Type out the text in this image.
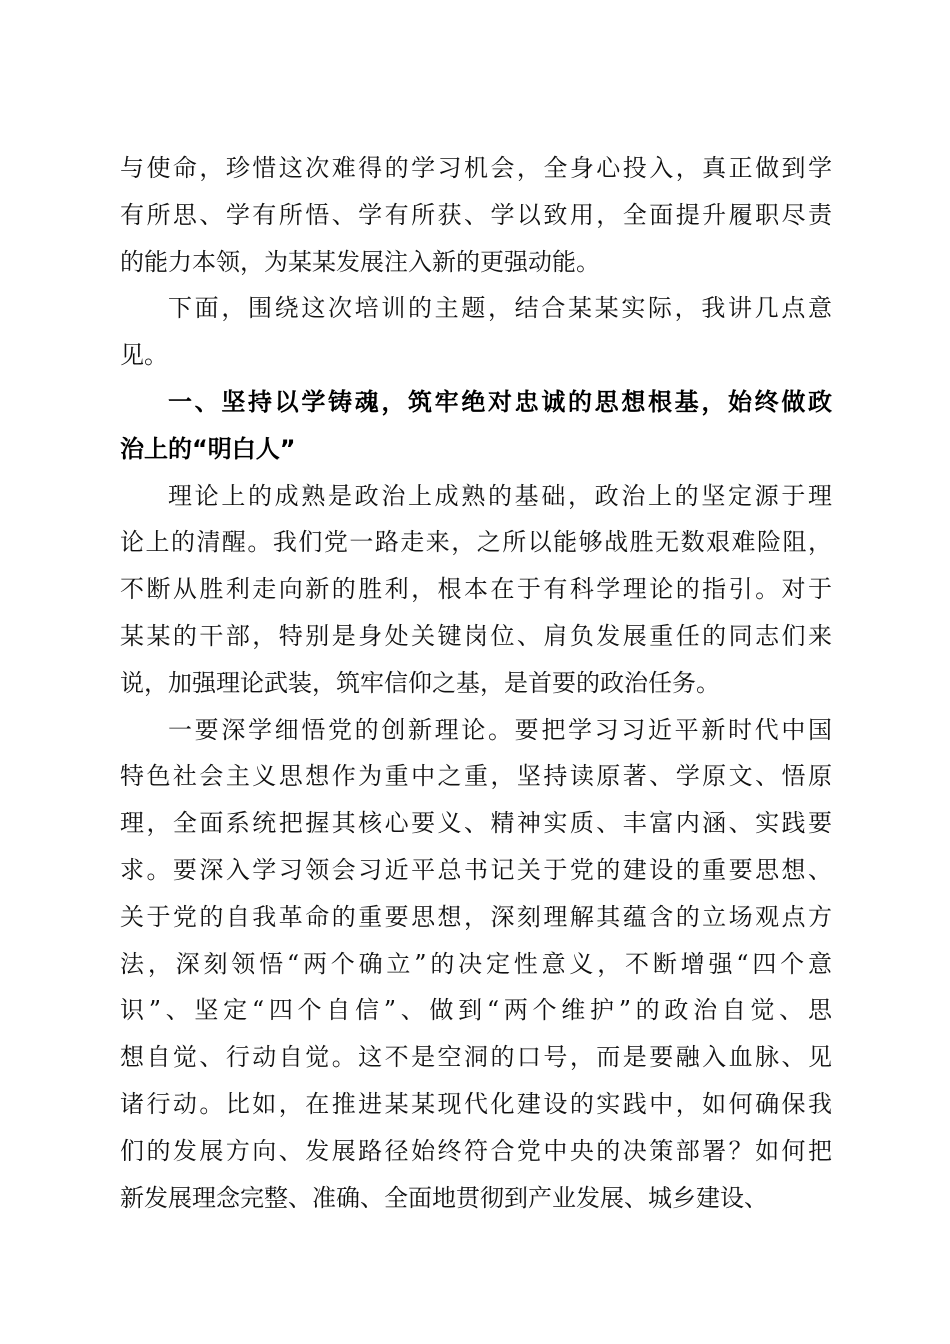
与使命，珍惜这次难得的学习机会，全身心投入，真正做到学
有所思、学有所悟、学有所获、学以致用，全面提升履职尽责
的能力本领，为某某发展注入新的更强动能。
下面，围绕这次培训的主题，结合某某实际，我讲几点意
见。
一、坚持以学铸魂，筑牢绝对忠诚的思想根基，始终做政
治上的“明白人”
理论上的成熟是政治上成熟的基础，政治上的坚定源于理
论上的清醒。我们党一路走来，之所以能够战胜无数艰难险阻，
不断从胜利走向新的胜利，根本在于有科学理论的指引。对于
某某的干部，特别是身处关键岗位、肩负发展重任的同志们来
说，加强理论武装，筑牢信仰之基，是首要的政治任务。
一要深学细悟党的创新理论。要把学习习近平新时代中国
特色社会主义思想作为重中之重，坚持读原著、学原文、悟原
理，全面系统把握其核心要义、精神实质、丰富内涵、实践要
求。要深入学习领会习近平总书记关于党的建设的重要思想、
关于党的自我革命的重要思想，深刻理解其蕴含的立场观点方
法，深刻领悟“两个确立”的决定性意义，不断增强“四个意
识”、坚定“四个自信”、做到“两个维护”的政治自觉、思
想自觉、行动自觉。这不是空洞的口号，而是要融入血脉、见
诸行动。比如，在推进某某现代化建设的实践中，如何确保我
们的发展方向、发展路径始终符合党中央的决策部署？如何把
新发展理念完整、准确、全面地贯彻到产业发展、城乡建设、
